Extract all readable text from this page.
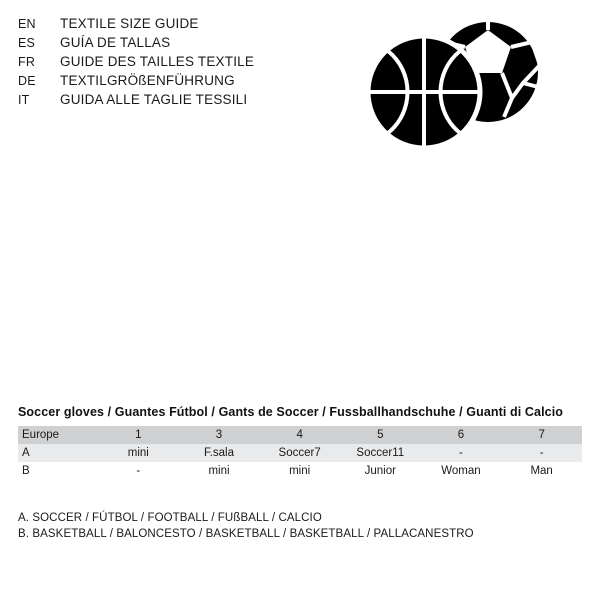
EN	TEXTILE SIZE GUIDE
ES	GUÍA DE TALLAS
FR	GUIDE DES TAILLES TEXTILE
DE	TEXTILGRÖßENFÜHRUNG
IT	GUIDA ALLE TAGLIE TESSILI
Soccer gloves / Guantes Fútbol / Gants de Soccer / Fussballhandschuhe / Guanti di Calcio
Europe	1	3	4	5	6	7
A	mini	F.sala	Soccer7	Soccer11	-	-
B	-	mini	mini	Junior	Woman	Man
A. SOCCER / FÚTBOL / FOOTBALL / FUßBALL / CALCIO
B. BASKETBALL / BALONCESTO / BASKETBALL / BASKETBALL / PALLACANESTRO
